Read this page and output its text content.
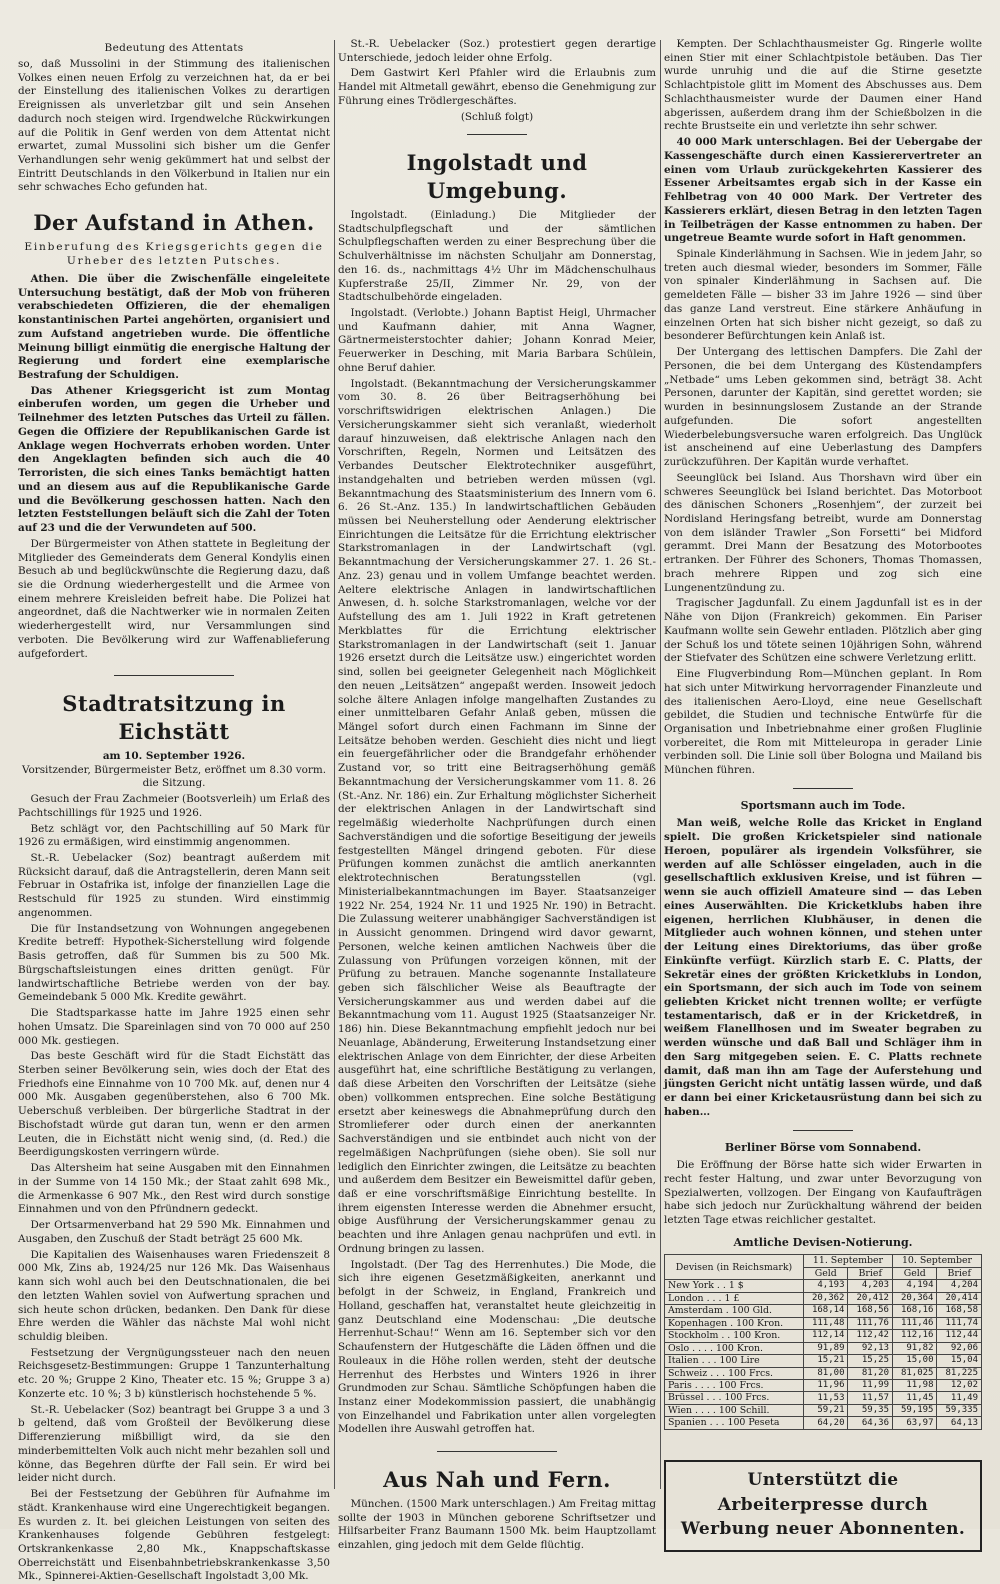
Bedeutung des Attentats

so, daß Mussolini in der Stimmung des italienischen Volkes einen neuen Erfolg zu verzeichnen hat, da er bei der Einstellung des italienischen Volkes zu derartigen Ereignissen als unverletzbar gilt und sein Ansehen dadurch noch steigen wird. Irgendwelche Rückwirkungen auf die Politik in Genf werden von dem Attentat nicht erwartet, zumal Mussolini sich bisher um die Genfer Verhandlungen sehr wenig gekümmert hat und selbst der Eintritt Deutschlands in den Völkerbund in Italien nur ein sehr schwaches Echo gefunden hat.

Der Aufstand in Athen.
Einberufung des Kriegsgerichts gegen die Urheber des letzten Putsches.

Athen. Die über die Zwischenfälle eingeleitete Untersuchung bestätigt, daß der Mob von früheren verabschiedeten Offizieren, die der ehemaligen konstantinischen Partei angehörten, organisiert und zum Aufstand angetrieben wurde. Die öffentliche Meinung billigt einmütig die energische Haltung der Regierung und fordert eine exemplarische Bestrafung der Schuldigen.

Das Athener Kriegsgericht ist zum Montag einberufen worden, um gegen die Urheber und Teilnehmer des letzten Putsches das Urteil zu fällen. Gegen die Offiziere der Republikanischen Garde ist Anklage wegen Hochverrats erhoben worden. Unter den Angeklagten befinden sich auch die 40 Terroristen, die sich eines Tanks bemächtigt hatten und an diesem aus auf die Republikanische Garde und die Bevölkerung geschossen hatten. Nach den letzten Feststellungen beläuft sich die Zahl der Toten auf 23 und die der Verwundeten auf 500.

Der Bürgermeister von Athen stattete in Begleitung der Mitglieder des Gemeinderats dem General Kondylis einen Besuch ab und beglückwünschte die Regierung dazu, daß sie die Ordnung wiederhergestellt und die Armee von einem mehrere Kreisleiden befreit habe. Die Polizei hat angeordnet, daß die Nachtwerker wie in normalen Zeiten wiederhergestellt wird, nur Versammlungen sind verboten. Die Bevölkerung wird zur Waffenablieferung aufgefordert.

Stadtratsitzung in Eichstätt
am 10. September 1926.

Vorsitzender, Bürgermeister Betz, eröffnet um 8.30 vorm. die Sitzung.

Gesuch der Frau Zachmeier (Bootsverleih) um Erlaß des Pachtschillings für 1925 und 1926.

Betz schlägt vor, den Pachtschilling auf 50 Mark für 1926 zu ermäßigen, wird einstimmig angenommen.

St.-R. Uebelacker (Soz) beantragt außerdem mit Rücksicht darauf, daß die Antragstellerin, deren Mann seit Februar in Ostafrika ist, infolge der finanziellen Lage die Restschuld für 1925 zu stunden. Wird einstimmig angenommen.

Die für Instandsetzung von Wohnungen angegebenen Kredite betreff: Hypothek-Sicherstellung wird folgende Basis getroffen, daß für Summen bis zu 500 Mk. Bürgschaftsleistungen eines dritten genügt. Für landwirtschaftliche Betriebe werden von der bay. Gemeindebank 5 000 Mk. Kredite gewährt.

Die Stadtsparkasse hatte im Jahre 1925 einen sehr hohen Umsatz. Die Spareinlagen sind von 70 000 auf 250 000 Mk. gestiegen.

Das beste Geschäft wird für die Stadt Eichstätt das Sterben seiner Bevölkerung sein, wies doch der Etat des Friedhofs eine Einnahme von 10 700 Mk. auf, denen nur 4 000 Mk. Ausgaben gegenüberstehen, also 6 700 Mk. Ueberschuß verbleiben. Der bürgerliche Stadtrat in der Bischofstadt würde gut daran tun, wenn er den armen Leuten, die in Eichstätt nicht wenig sind, (d. Red.) die Beerdigungskosten verringern würde.

Das Altersheim hat seine Ausgaben mit den Einnahmen in der Summe von 14 150 Mk.; der Staat zahlt 698 Mk., die Armenkasse 6 907 Mk., den Rest wird durch sonstige Einnahmen und von den Pfründnern gedeckt.

Der Ortsarmenverband hat 29 590 Mk. Einnahmen und Ausgaben, den Zuschuß der Stadt beträgt 25 600 Mk.

Die Kapitalien des Waisenhauses waren Friedenszeit 8 000 Mk, Zins ab, 1924/25 nur 126 Mk. Das Waisenhaus kann sich wohl auch bei den Deutschnationalen, die bei den letzten Wahlen soviel von Aufwertung sprachen und sich heute schon drücken, bedanken. Den Dank für diese Ehre werden die Wähler das nächste Mal wohl nicht schuldig bleiben.

Festsetzung der Vergnügungssteuer nach den neuen Reichsgesetz-Bestimmungen: Gruppe 1 Tanzunterhaltung etc. 20 %; Gruppe 2 Kino, Theater etc. 15 %; Gruppe 3 a) Konzerte etc. 10 %; 3 b) künstlerisch hochstehende 5 %.

St.-R. Uebelacker (Soz) beantragt bei Gruppe 3 a und 3 b geltend, daß vom Großteil der Bevölkerung diese Differenzierung mißbilligt wird, da sie den minderbemittelten Volk auch nicht mehr bezahlen soll und könne, das Begehren dürfte der Fall sein. Er wird bei leider nicht durch.

Bei der Festsetzung der Gebühren für Aufnahme im städt. Krankenhause wird eine Ungerechtigkeit begangen. Es wurden z. It. bei gleichen Leistungen von seiten des Krankenhauses folgende Gebühren festgelegt: Ortskrankenkasse 2,80 Mk., Knappschaftskasse Oberreichstätt und Eisenbahnbetriebskrankenkasse 3,50 Mk., Spinnerei-Aktien-Gesellschaft Ingolstadt 3,00 Mk.

St.-R. Uebelacker (Soz.) protestiert gegen derartige Unterschiede, jedoch leider ohne Erfolg.

Dem Gastwirt Kerl Pfahler wird die Erlaubnis zum Handel mit Altmetall gewährt, ebenso die Genehmigung zur Führung eines Trödlergeschäftes.

(Schluß folgt)
Ingolstadt und Umgebung.

Ingolstadt. (Einladung.) Die Mitglieder der Stadtschulpflegschaft und der sämtlichen Schulpflegschaften werden zu einer Besprechung über die Schulverhältnisse im nächsten Schuljahr am Donnerstag, den 16. ds., nachmittags 4½ Uhr im Mädchenschulhaus Kupferstraße 25/II, Zimmer Nr. 29, von der Stadtschulbehörde eingeladen.

Ingolstadt. (Verlobte.) Johann Baptist Heigl, Uhrmacher und Kaufmann dahier, mit Anna Wagner, Gärtnermeisterstochter dahier; Johann Konrad Meier, Feuerwerker in Desching, mit Maria Barbara Schülein, ohne Beruf dahier.

Ingolstadt. (Bekanntmachung der Versicherungskammer vom 30. 8. 26 über Beitragserhöhung bei vorschriftswidrigen elektrischen Anlagen.) Die Versicherungskammer sieht sich veranlaßt, wiederholt darauf hinzuweisen, daß elektrische Anlagen nach den Vorschriften, Regeln, Normen und Leitsätzen des Verbandes Deutscher Elektrotechniker ausgeführt, instandgehalten und betrieben werden müssen (vgl. Bekanntmachung des Staatsministerium des Innern vom 6. 6. 26 St.-Anz. 135.) In landwirtschaftlichen Gebäuden müssen bei Neuherstellung oder Aenderung elektrischer Einrichtungen die Leitsätze für die Errichtung elektrischer Starkstromanlagen in der Landwirtschaft (vgl. Bekanntmachung der Versicherungskammer 27. 1. 26 St.-Anz. 23) genau und in vollem Umfange beachtet werden. Aeltere elektrische Anlagen in landwirtschaftlichen Anwesen, d. h. solche Starkstromanlagen, welche vor der Aufstellung des am 1. Juli 1922 in Kraft getretenen Merkblattes für die Errichtung elektrischer Starkstromanlagen in der Landwirtschaft (seit 1. Januar 1926 ersetzt durch die Leitsätze usw.) eingerichtet worden sind, sollen bei geeigneter Gelegenheit nach Möglichkeit den neuen „Leitsätzen“ angepaßt werden. Insoweit jedoch solche ältere Anlagen infolge mangelhaften Zustandes zu einer unmittelbaren Gefahr Anlaß geben, müssen die Mängel sofort durch einen Fachmann im Sinne der Leitsätze behoben werden. Geschieht dies nicht und liegt ein feuergefährlicher oder die Brandgefahr erhöhender Zustand vor, so tritt eine Beitragserhöhung gemäß Bekanntmachung der Versicherungskammer vom 11. 8. 26 (St.-Anz. Nr. 186) ein. Zur Erhaltung möglichster Sicherheit der elektrischen Anlagen in der Landwirtschaft sind regelmäßig wiederholte Nachprüfungen durch einen Sachverständigen und die sofortige Beseitigung der jeweils festgestellten Mängel dringend geboten. Für diese Prüfungen kommen zunächst die amtlich anerkannten elektrotechnischen Beratungsstellen (vgl. Ministerialbekanntmachungen im Bayer. Staatsanzeiger 1922 Nr. 254, 1924 Nr. 11 und 1925 Nr. 190) in Betracht. Die Zulassung weiterer unabhängiger Sachverständigen ist in Aussicht genommen. Dringend wird davor gewarnt, Personen, welche keinen amtlichen Nachweis über die Zulassung von Prüfungen vorzeigen können, mit der Prüfung zu betrauen. Manche sogenannte Installateure geben sich fälschlicher Weise als Beauftragte der Versicherungskammer aus und werden dabei auf die Bekanntmachung vom 11. August 1925 (Staatsanzeiger Nr. 186) hin. Diese Bekanntmachung empfiehlt jedoch nur bei Neuanlage, Abänderung, Erweiterung Instandsetzung einer elektrischen Anlage von dem Einrichter, der diese Arbeiten ausgeführt hat, eine schriftliche Bestätigung zu verlangen, daß diese Arbeiten den Vorschriften der Leitsätze (siehe oben) vollkommen entsprechen. Eine solche Bestätigung ersetzt aber keineswegs die Abnahmeprüfung durch den Stromlieferer oder durch einen der anerkannten Sachverständigen und sie entbindet auch nicht von der regelmäßigen Nachprüfungen (siehe oben). Sie soll nur lediglich den Einrichter zwingen, die Leitsätze zu beachten und außerdem dem Besitzer ein Beweismittel dafür geben, daß er eine vorschriftsmäßige Einrichtung bestellte. In ihrem eigensten Interesse werden die Abnehmer ersucht, obige Ausführung der Versicherungskammer genau zu beachten und ihre Anlagen genau nachprüfen und evtl. in Ordnung bringen zu lassen.

Ingolstadt. (Der Tag des Herrenhutes.) Die Mode, die sich ihre eigenen Gesetzmäßigkeiten, anerkannt und befolgt in der Schweiz, in England, Frankreich und Holland, geschaffen hat, veranstaltet heute gleichzeitig in ganz Deutschland eine Modenschau: „Die deutsche Herrenhut-Schau!“ Wenn am 16. September sich vor den Schaufenstern der Hutgeschäfte die Läden öffnen und die Rouleaux in die Höhe rollen werden, steht der deutsche Herrenhut des Herbstes und Winters 1926 in ihrer Grundmoden zur Schau. Sämtliche Schöpfungen haben die Instanz einer Modekommission passiert, die unabhängig von Einzelhandel und Fabrikation unter allen vorgelegten Modellen ihre Auswahl getroffen hat.

Aus Nah und Fern.

München. (1500 Mark unterschlagen.) Am Freitag mittag sollte der 1903 in München geborene Schriftsetzer und Hilfsarbeiter Franz Baumann 1500 Mk. beim Hauptzollamt einzahlen, ging jedoch mit dem Gelde flüchtig.

Kempten. Der Schlachthausmeister Gg. Ringerle wollte einen Stier mit einer Schlachtpistole betäuben. Das Tier wurde unruhig und die auf die Stirne gesetzte Schlachtpistole glitt im Moment des Abschusses aus. Dem Schlachthausmeister wurde der Daumen einer Hand abgerissen, außerdem drang ihm der Schießbolzen in die rechte Brustseite ein und verletzte ihn sehr schwer.

40 000 Mark unterschlagen. Bei der Uebergabe der Kassengeschäfte durch einen Kassierervertreter an einen vom Urlaub zurückgekehrten Kassierer des Essener Arbeitsamtes ergab sich in der Kasse ein Fehlbetrag von 40 000 Mark. Der Vertreter des Kassierers erklärt, diesen Betrag in den letzten Tagen in Teilbeträgen der Kasse entnommen zu haben. Der ungetreue Beamte wurde sofort in Haft genommen.

Spinale Kinderlähmung in Sachsen. Wie in jedem Jahr, so treten auch diesmal wieder, besonders im Sommer, Fälle von spinaler Kinderlähmung in Sachsen auf. Die gemeldeten Fälle — bisher 33 im Jahre 1926 — sind über das ganze Land verstreut. Eine stärkere Anhäufung in einzelnen Orten hat sich bisher nicht gezeigt, so daß zu besonderer Befürchtungen kein Anlaß ist.

Der Untergang des lettischen Dampfers. Die Zahl der Personen, die bei dem Untergang des Küstendampfers „Netbade“ ums Leben gekommen sind, beträgt 38. Acht Personen, darunter der Kapitän, sind gerettet worden; sie wurden in besinnungslosem Zustande an der Strande aufgefunden. Die sofort angestellten Wiederbelebungsversuche waren erfolgreich. Das Unglück ist anscheinend auf eine Ueberlastung des Dampfers zurückzuführen. Der Kapitän wurde verhaftet.

Seeunglück bei Island. Aus Thorshavn wird über ein schweres Seeunglück bei Island berichtet. Das Motorboot des dänischen Schoners „Rosenhjem“, der zurzeit bei Nordisland Heringsfang betreibt, wurde am Donnerstag von dem isländer Trawler „Son Forsetti“ bei Midford gerammt. Drei Mann der Besatzung des Motorbootes ertranken. Der Führer des Schoners, Thomas Thomassen, brach mehrere Rippen und zog sich eine Lungenentzündung zu.

Tragischer Jagdunfall. Zu einem Jagdunfall ist es in der Nähe von Dijon (Frankreich) gekommen. Ein Pariser Kaufmann wollte sein Gewehr entladen. Plötzlich aber ging der Schuß los und tötete seinen 10jährigen Sohn, während der Stiefvater des Schützen eine schwere Verletzung erlitt.

Eine Flugverbindung Rom—München geplant. In Rom hat sich unter Mitwirkung hervorragender Finanzleute und des italienischen Aero-Lloyd, eine neue Gesellschaft gebildet, die Studien und technische Entwürfe für die Organisation und Inbetriebnahme einer großen Fluglinie vorbereitet, die Rom mit Mitteleuropa in gerader Linie verbinden soll. Die Linie soll über Bologna und Mailand bis München führen.

Sportsmann auch im Tode.

Man weiß, welche Rolle das Kricket in England spielt. Die großen Kricketspieler sind nationale Heroen, populärer als irgendein Volksführer, sie werden auf alle Schlösser eingeladen, auch in die gesellschaftlich exklusiven Kreise, und ist führen — wenn sie auch offiziell Amateure sind — das Leben eines Auserwählten. Die Kricketklubs haben ihre eigenen, herrlichen Klubhäuser, in denen die Mitglieder auch wohnen können, und stehen unter der Leitung eines Direktoriums, das über große Einkünfte verfügt. Kürzlich starb E. C. Platts, der Sekretär eines der größten Kricketklubs in London, ein Sportsmann, der sich auch im Tode von seinem geliebten Kricket nicht trennen wollte; er verfügte testamentarisch, daß er in der Kricketdreß, in weißem Flanellhosen und im Sweater begraben zu werden wünsche und daß Ball und Schläger ihm in den Sarg mitgegeben seien. E. C. Platts rechnete damit, daß man ihn am Tage der Auferstehung und jüngsten Gericht nicht untätig lassen würde, und daß er dann bei einer Kricketausrüstung dann bei sich zu haben…

Berliner Börse vom Sonnabend.

Die Eröffnung der Börse hatte sich wider Erwarten in recht fester Haltung, und zwar unter Bevorzugung von Spezialwerten, vollzogen. Der Eingang von Kaufaufträgen habe sich jedoch nur Zurückhaltung während der beiden letzten Tage etwas reichlicher gestaltet.

Amtliche Devisen-Notierung.
Devisen (in Reichsmark)	11. September		10. September	
	Geld	Brief	Geld	Brief
New York . . 1 $	4,193	4,203	4,194	4,204
London . . . 1 £	20,362	20,412	20,364	20,414
Amsterdam . 100 Gld.	168,14	168,56	168,16	168,58
Kopenhagen . 100 Kron.	111,48	111,76	111,46	111,74
Stockholm . . 100 Kron.	112,14	112,42	112,16	112,44
Oslo . . . . 100 Kron.	91,89	92,13	91,82	92,06
Italien . . . 100 Lire	15,21	15,25	15,00	15,04
Schweiz . . . 100 Frcs.	81,00	81,20	81,025	81,225
Paris . . . . 100 Frcs.	11,96	11,99	11,98	12,02
Brüssel . . . 100 Frcs.	11,53	11,57	11,45	11,49
Wien . . . . 100 Schill.	59,21	59,35	59,195	59,335
Spanien . . . 100 Peseta	64,20	64,36	63,97	64,13
Unterstützt die Arbeiterpresse durch
Werbung neuer Abonnenten.
